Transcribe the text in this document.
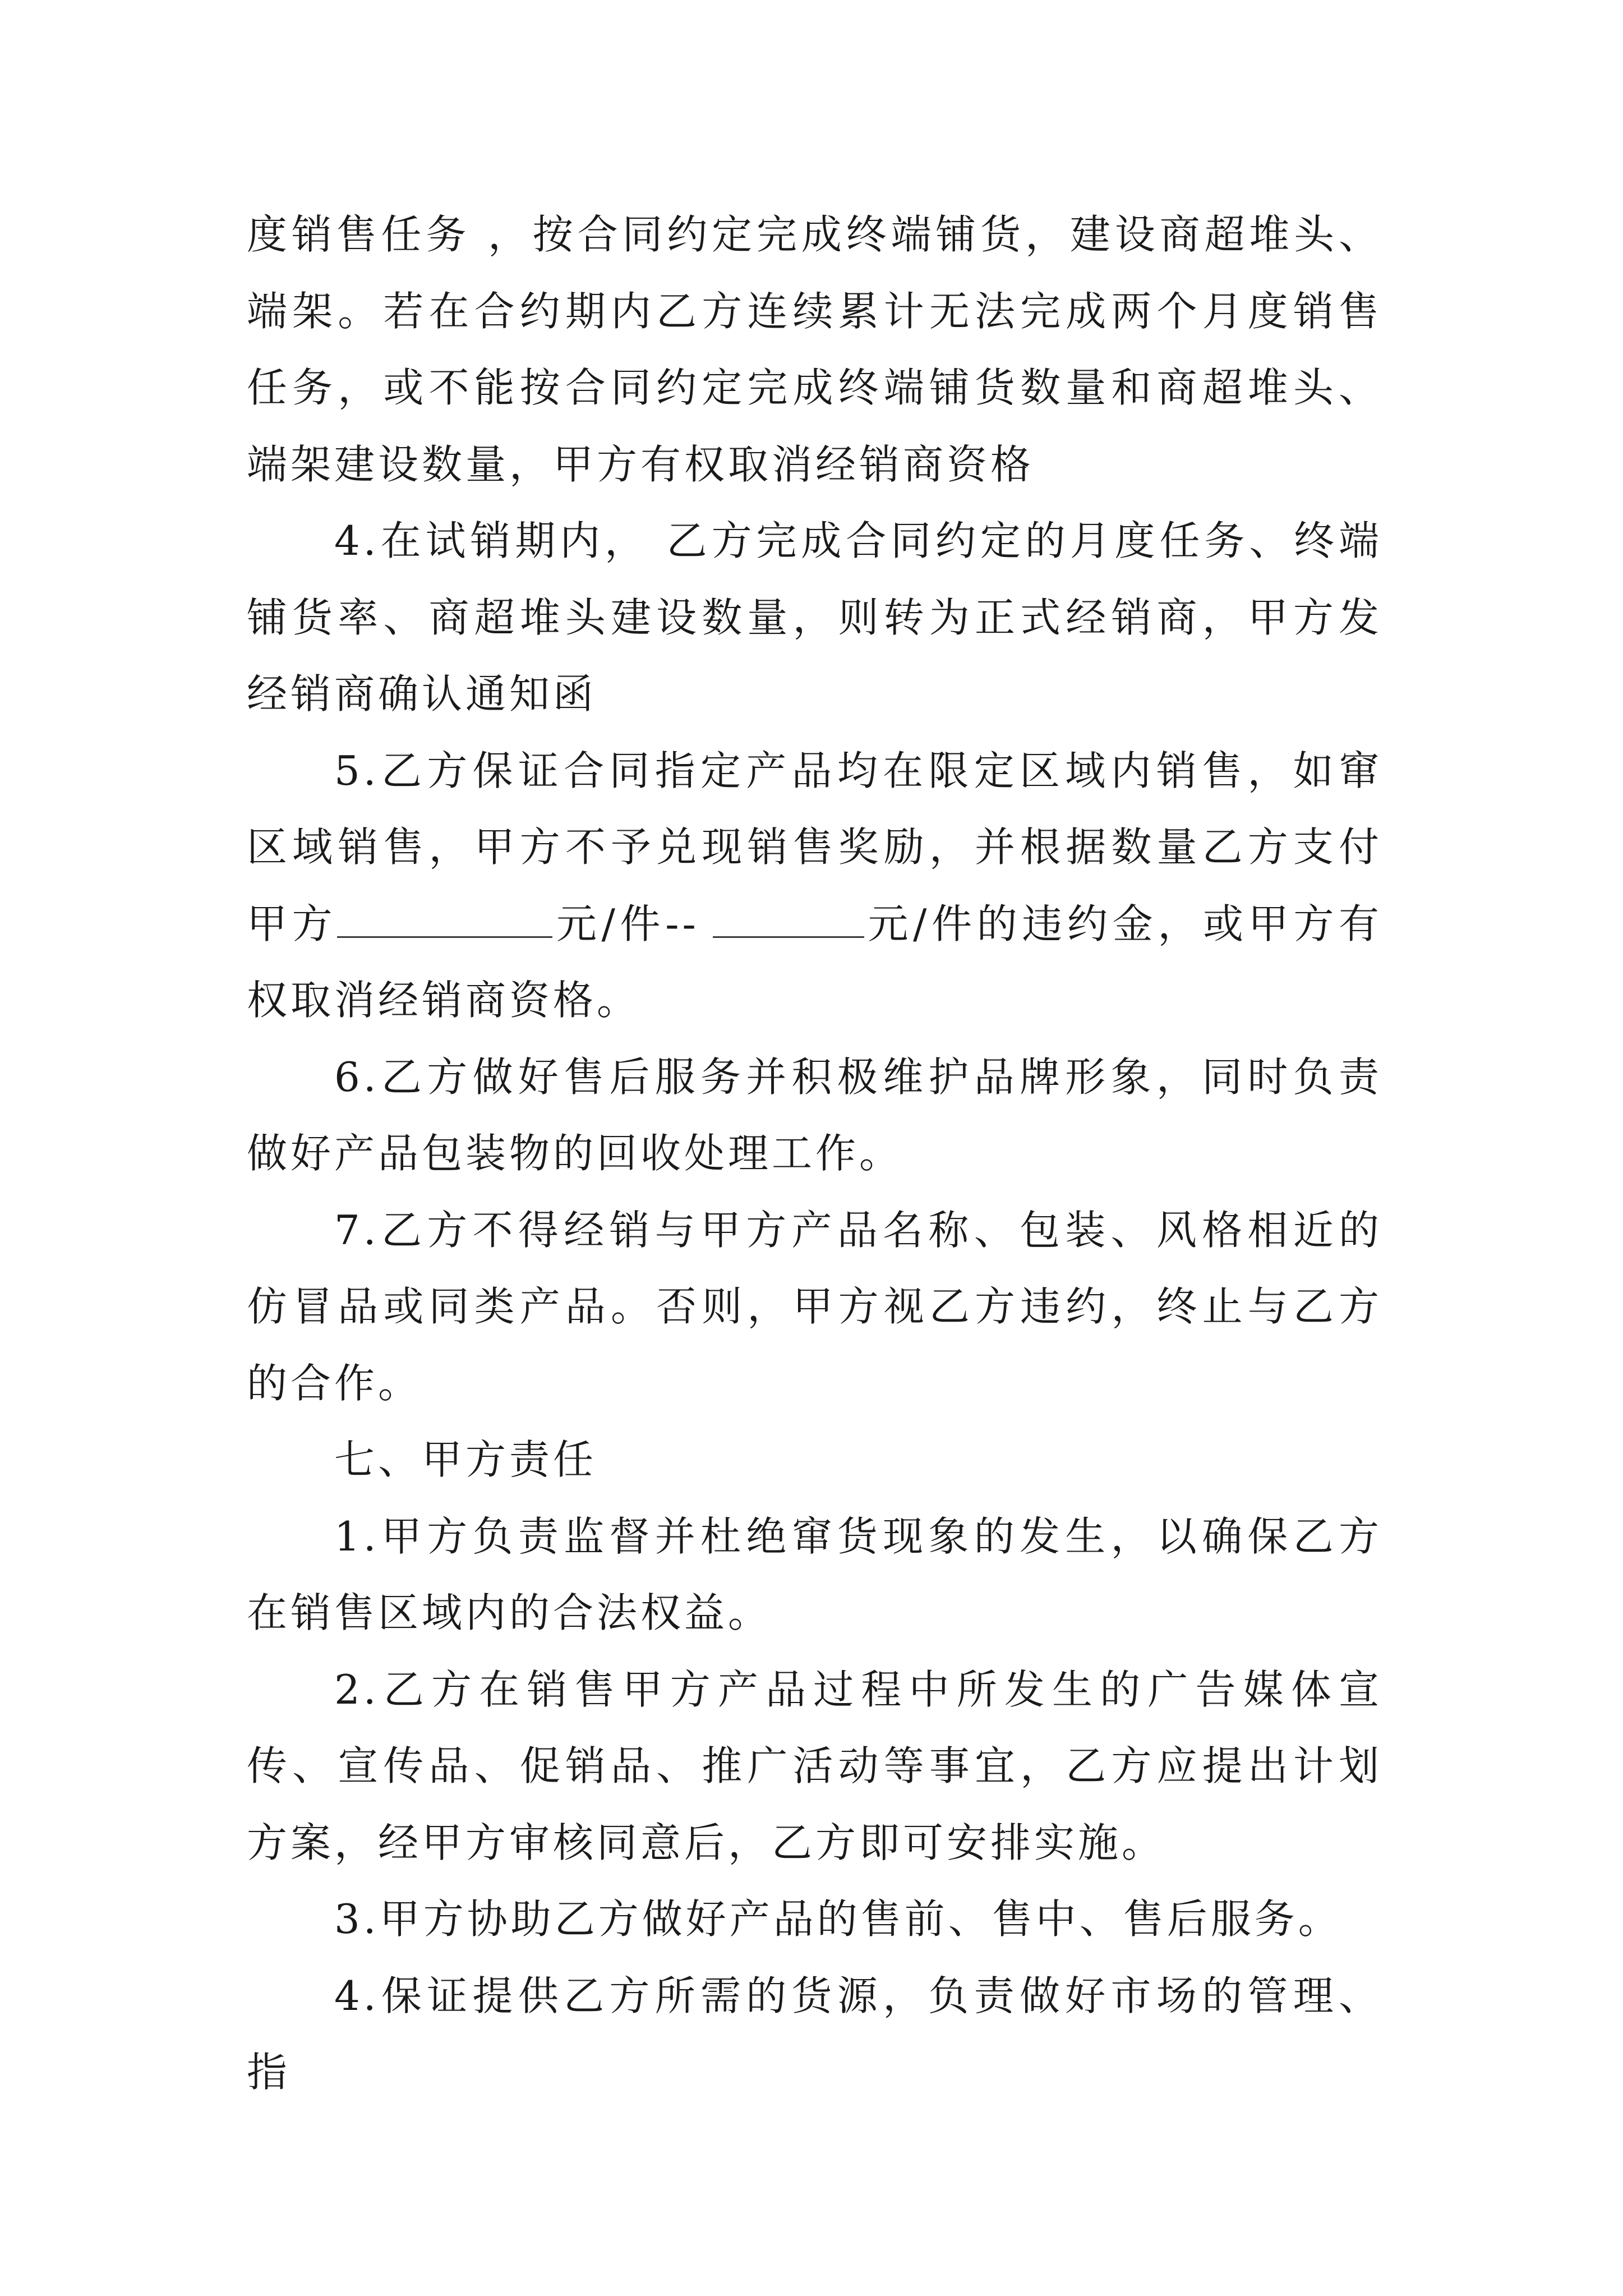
度销售任务 ，按合同约定完成终端铺货，建设商超堆头、端架。若在合约期内乙方连续累计无法完成两个月度销售任务，或不能按合同约定完成终端铺货数量和商超堆头、端架建设数量，甲方有权取消经销商资格

4.在试销期内， 乙方完成合同约定的月度任务、终端铺货率、商超堆头建设数量，则转为正式经销商，甲方发经销商确认通知函

5.乙方保证合同指定产品均在限定区域内销售，如窜区域销售，甲方不予兑现销售奖励，并根据数量乙方支付甲方	元/件--	元/件的违约金，或甲方有权取消经销商资格。

6.乙方做好售后服务并积极维护品牌形象，同时负责做好产品包装物的回收处理工作。

7.乙方不得经销与甲方产品名称、包装、风格相近的仿冒品或同类产品。否则，甲方视乙方违约，终止与乙方的合作。

七、甲方责任

1.甲方负责监督并杜绝窜货现象的发生，以确保乙方在销售区域内的合法权益。

2.乙方在销售甲方产品过程中所发生的广告媒体宣传、宣传品、促销品、推广活动等事宜，乙方应提出计划方案，经甲方审核同意后，乙方即可安排实施。

3.甲方协助乙方做好产品的售前、售中、售后服务。

4.保证提供乙方所需的货源，负责做好市场的管理、指
